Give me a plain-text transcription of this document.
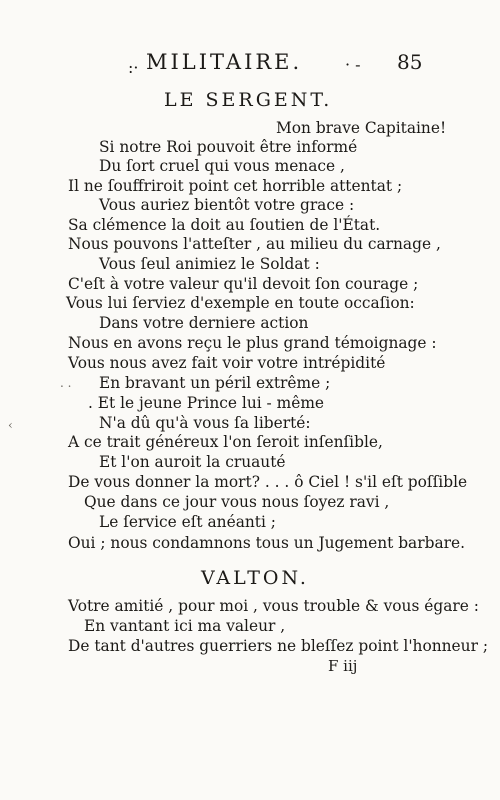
:· MILITAIRE.	· - 85
LE SERGENT.
Mon brave Capitaine!
Si notre Roi pouvoit être informé
Du ſort cruel qui vous menace ,
Il ne ſouffriroit point cet horrible attentat ;
Vous auriez bientôt votre grace :
Sa clémence la doit au ſoutien de l'État.
Nous pouvons l'atteſter , au milieu du carnage ,
Vous ſeul animiez le Soldat :
C'eſt à votre valeur qu'il devoit ſon courage ;
Vous lui ſerviez d'exemple en toute occaſion:
Dans votre derniere action
Nous en avons reçu le plus grand témoignage :
Vous nous avez fait voir votre intrépidité
En bravant un péril extrême ;
. Et le jeune Prince lui - même
N'a dû qu'à vous ſa liberté:
A ce trait généreux l'on ſeroit inſenſible,
Et l'on auroit la cruauté
De vous donner la mort? . . . ô Ciel ! s'il eſt poſſible
Que dans ce jour vous nous ſoyez ravi ,
Le ſervice eſt anéanti ;
Oui ; nous condamnons tous un Jugement barbare.
VALTON.
Votre amitié , pour moi , vous trouble & vous égare :
En vantant ici ma valeur ,
De tant d'autres guerriers ne bleſſez point l'honneur ;
F iij
. .
‹
